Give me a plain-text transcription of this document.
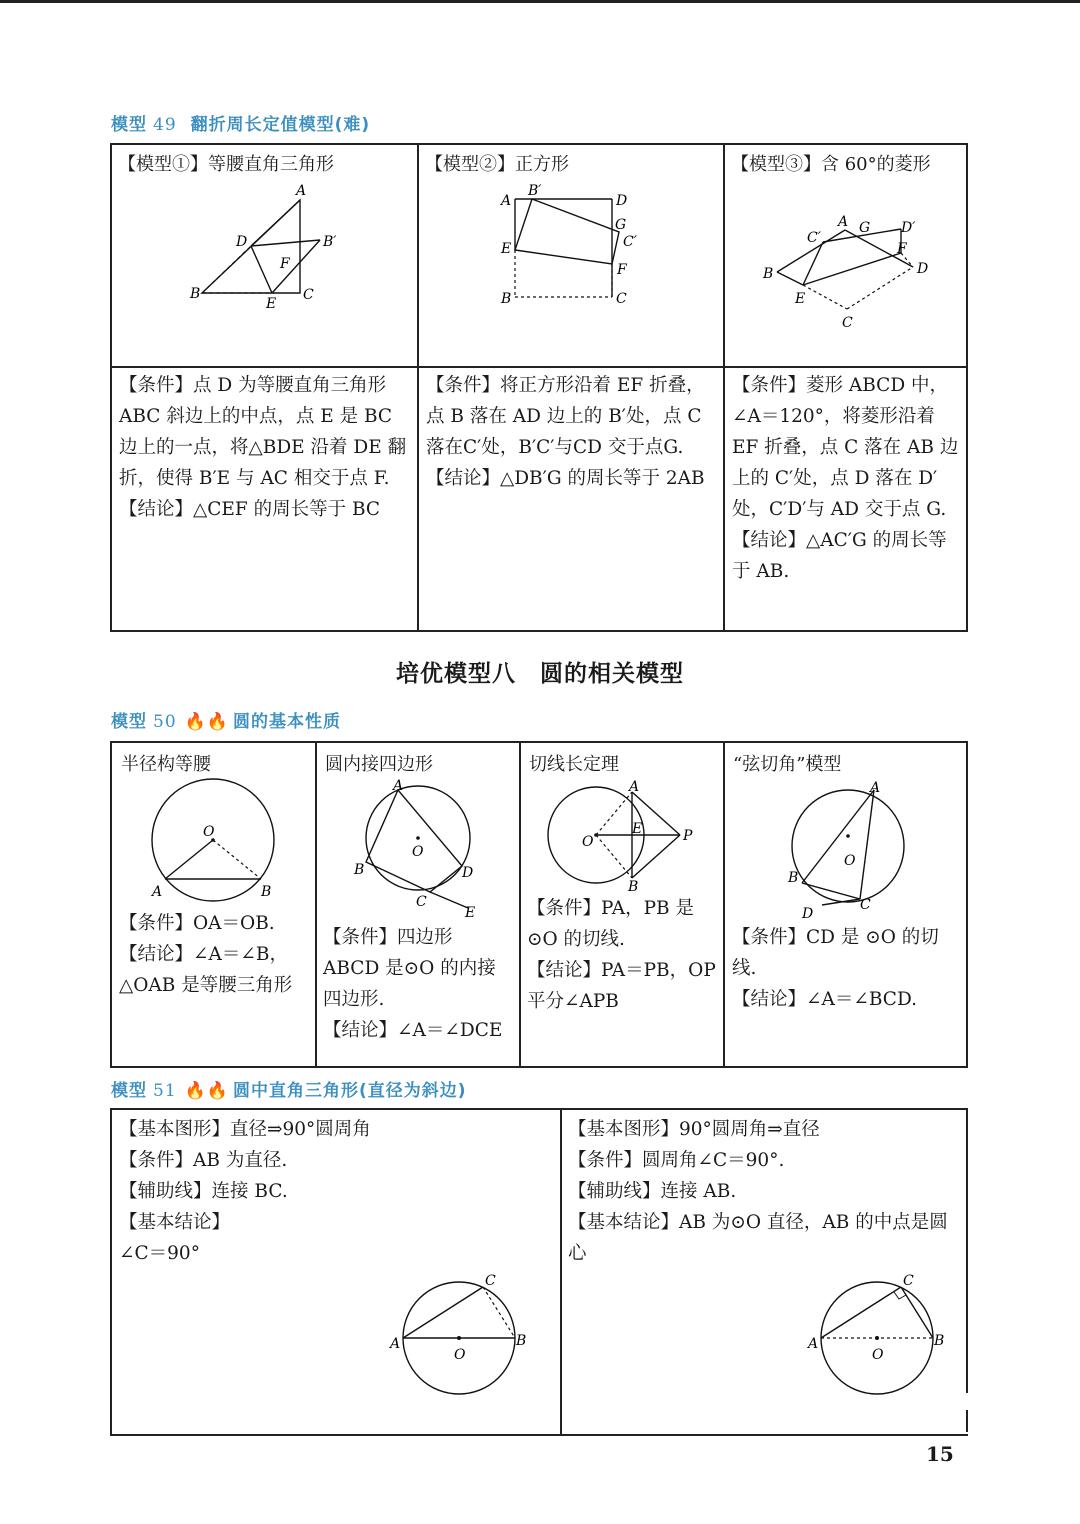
模型 49 翻折周长定值模型(难)
【模型①】等腰直角三角形	【模型②】正方形	【模型③】含 60°的菱形
A
D	B′
F
B
E
C
A
B′
D
G
C′
E
F
B	C
A G D′
C′
F
B	D
E
C
【条件】点 D 为等腰直角三角形 ABC 斜边上的中点，点 E 是 BC 边上的一点，将△BDE 沿着 DE 翻折，使得 B′E 与 AC 相交于点 F.
【结论】△CEF 的周长等于 BC
【条件】将正方形沿着 EF 折叠，点 B 落在 AD 边上的 B′处，点 C 落在C′处，B′C′与CD 交于点G.
【结论】△DB′G 的周长等于 2AB
【条件】菱形 ABCD 中，∠A＝120°，将菱形沿着 EF 折叠，点 C 落在 AB 边上的 C′处，点 D 落在 D′处，C′D′与 AD 交于点 G.
【结论】△AC′G 的周长等于 AB.
培优模型八　圆的相关模型
模型 50 🔥🔥 圆的基本性质
半径构等腰	圆内接四边形	切线长定理	“弦切角”模型
O
A	B
A
O
B	D
C
E
A
E
O	P
B
A
O
B
C
D
【条件】OA＝OB.
【结论】∠A＝∠B，△OAB 是等腰三角形
【条件】四边形 ABCD 是⊙O 的内接四边形.
【结论】∠A＝∠DCE
【条件】PA，PB 是⊙O 的切线.
【结论】PA＝PB，OP 平分∠APB
【条件】CD 是 ⊙O 的切线.
【结论】∠A＝∠BCD.
模型 51 🔥🔥 圆中直角三角形(直径为斜边)
【基本图形】直径⇒90°圆周角
【条件】AB 为直径.
【辅助线】连接 BC.
【基本结论】
∠C＝90°
【基本图形】90°圆周角⇒直径
【条件】圆周角∠C＝90°.
【辅助线】连接 AB.
【基本结论】AB 为⊙O 直径，AB 的中点是圆心
C
A	B
O
C
A	B
O
15
